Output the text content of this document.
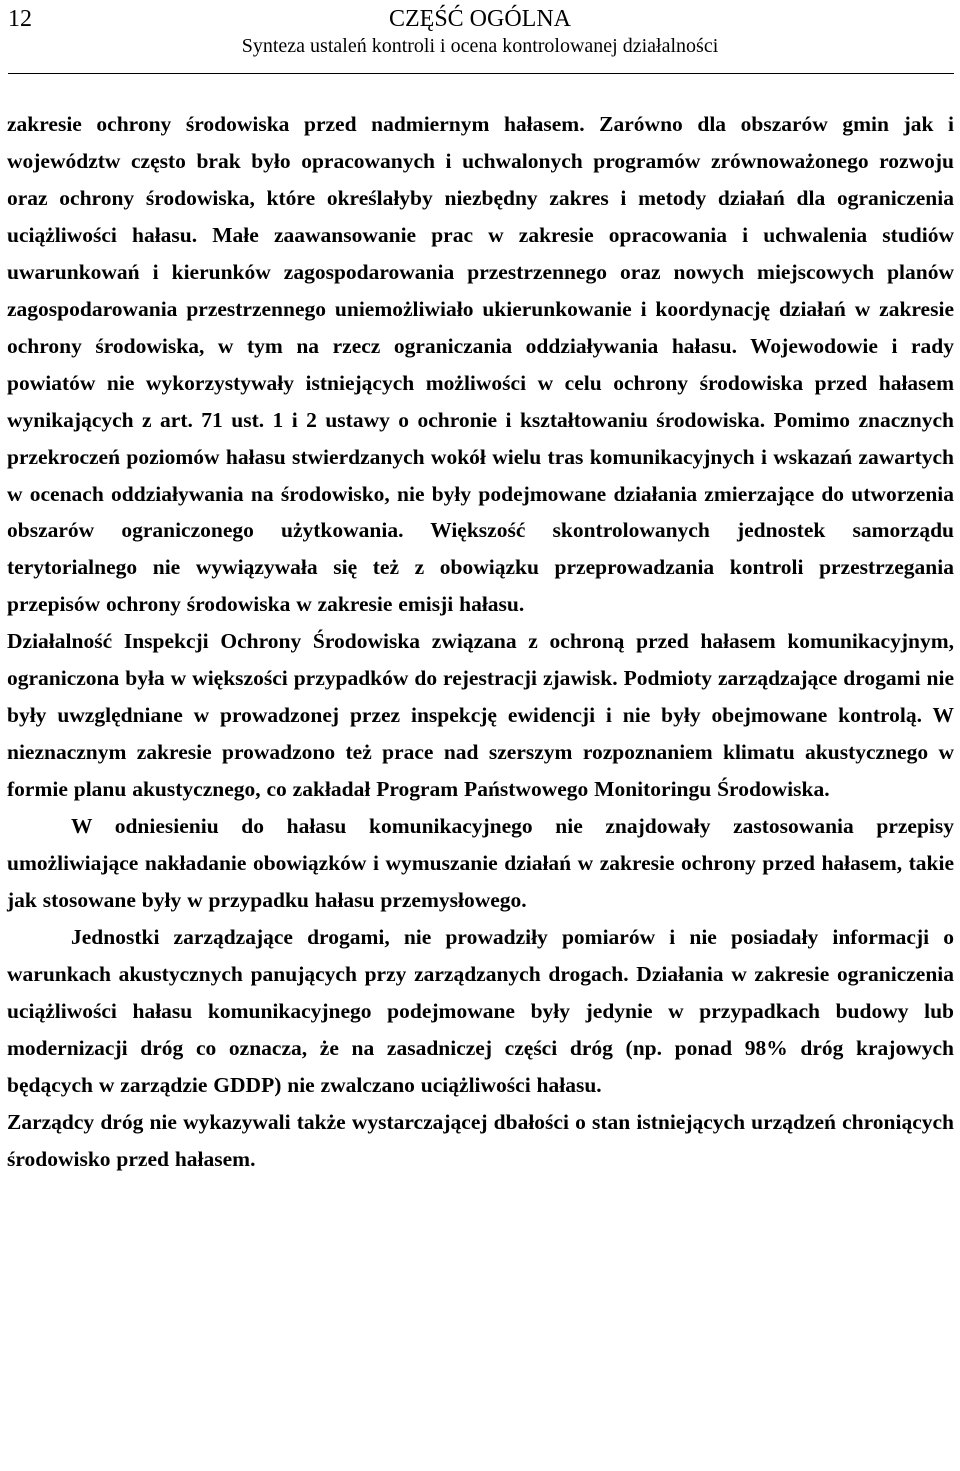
12	CZĘŚĆ OGÓLNA
Synteza ustaleń kontroli i ocena kontrolowanej działalności

zakresie ochrony środowiska przed nadmiernym hałasem. Zarówno dla obszarów gmin jak i województw często brak było opracowanych i uchwalonych programów zrównoważonego rozwoju oraz ochrony środowiska, które określałyby niezbędny zakres i metody działań dla ograniczenia uciążliwości hałasu. Małe zaawansowanie prac w zakresie opracowania i uchwalenia studiów uwarunkowań i kierunków zagospodarowania przestrzennego oraz nowych miejscowych planów zagospodarowania przestrzennego uniemożliwiało ukierunkowanie i koordynację działań w zakresie ochrony środowiska, w tym na rzecz ograniczania oddziaływania hałasu. Wojewodowie i rady powiatów nie wykorzystywały istniejących możliwości w celu ochrony środowiska przed hałasem wynikających z art. 71 ust. 1 i 2 ustawy o ochronie i kształtowaniu środowiska. Pomimo znacznych przekroczeń poziomów hałasu stwierdzanych wokół wielu tras komunikacyjnych i wskazań zawartych w ocenach oddziaływania na środowisko, nie były podejmowane działania zmierzające do utworzenia obszarów ograniczonego użytkowania. Większość skontrolowanych jednostek samorządu terytorialnego nie wywiązywała się też z obowiązku przeprowadzania kontroli przestrzegania przepisów ochrony środowiska w zakresie emisji hałasu.

Działalność Inspekcji Ochrony Środowiska związana z ochroną przed hałasem komunikacyjnym, ograniczona była w większości przypadków do rejestracji zjawisk. Podmioty zarządzające drogami nie były uwzględniane w prowadzonej przez inspekcję ewidencji i nie były obejmowane kontrolą. W nieznacznym zakresie prowadzono też prace nad szerszym rozpoznaniem klimatu akustycznego w formie planu akustycznego, co zakładał Program Państwowego Monitoringu Środowiska.

W odniesieniu do hałasu komunikacyjnego nie znajdowały zastosowania przepisy umożliwiające nakładanie obowiązków i wymuszanie działań w zakresie ochrony przed hałasem, takie jak stosowane były w przypadku hałasu przemysłowego.

Jednostki zarządzające drogami, nie prowadziły pomiarów i nie posiadały informacji o warunkach akustycznych panujących przy zarządzanych drogach. Działania w zakresie ograniczenia uciążliwości hałasu komunikacyjnego podejmowane były jedynie w przypadkach budowy lub modernizacji dróg co oznacza, że na zasadniczej części dróg (np. ponad 98% dróg krajowych będących w zarządzie GDDP) nie zwalczano uciążliwości hałasu.

Zarządcy dróg nie wykazywali także wystarczającej dbałości o stan istniejących urządzeń chroniących środowisko przed hałasem.
